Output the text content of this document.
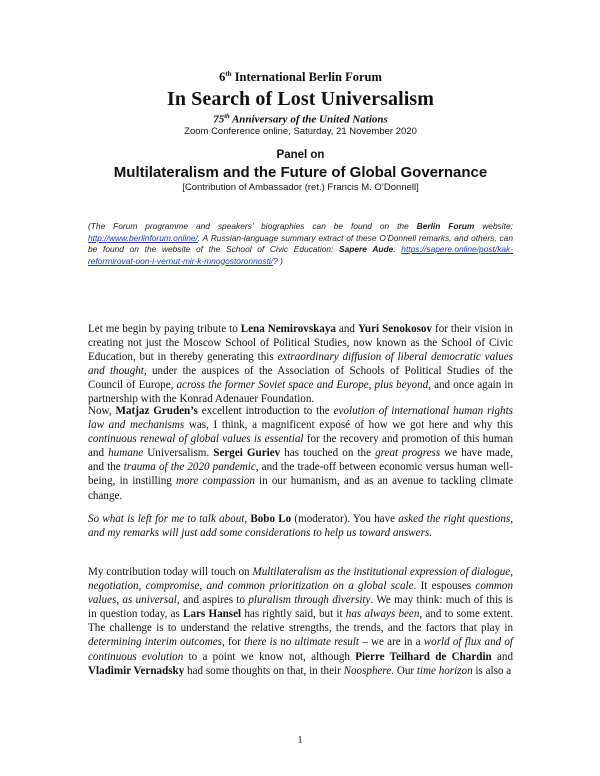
6th International Berlin Forum
In Search of Lost Universalism
75th Anniversary of the United Nations
Zoom Conference online, Saturday, 21 November 2020
Panel on
Multilateralism and the Future of Global Governance
[Contribution of Ambassador (ret.) Francis M. O’Donnell]
(The Forum programme and speakers’ biographies can be found on the Berlin Forum website: http://www.berlinforum.online/. A Russian-language summary extract of these O’Donnell remarks, and others, can be found on the website of the School of Civic Education: Sapere Aude: https://sapere.online/post/kak-reformirovat-oon-i-vernut-mir-k-mnogostoronnosti/? )
Let me begin by paying tribute to Lena Nemirovskaya and Yuri Senokosov for their vision in creating not just the Moscow School of Political Studies, now known as the School of Civic Education, but in thereby generating this extraordinary diffusion of liberal democratic values and thought, under the auspices of the Association of Schools of Political Studies of the Council of Europe, across the former Soviet space and Europe, plus beyond, and once again in partnership with the Konrad Adenauer Foundation.
Now, Matjaz Gruden’s excellent introduction to the evolution of international human rights law and mechanisms was, I think, a magnificent exposé of how we got here and why this continuous renewal of global values is essential for the recovery and promotion of this human and humane Universalism. Sergei Guriev has touched on the great progress we have made, and the trauma of the 2020 pandemic, and the trade-off between economic versus human well-being, in instilling more compassion in our humanism, and as an avenue to tackling climate change.
So what is left for me to talk about, Bobo Lo (moderator). You have asked the right questions, and my remarks will just add some considerations to help us toward answers.
My contribution today will touch on Multilateralism as the institutional expression of dialogue, negotiation, compromise, and common prioritization on a global scale. It espouses common values, as universal, and aspires to pluralism through diversity. We may think: much of this is in question today, as Lars Hansel has rightly said, but it has always been, and to some extent. The challenge is to understand the relative strengths, the trends, and the factors that play in determining interim outcomes, for there is no ultimate result – we are in a world of flux and of continuous evolution to a point we know not, although Pierre Teilhard de Chardin and Vladimir Vernadsky had some thoughts on that, in their Noosphere. Our time horizon is also a
1
